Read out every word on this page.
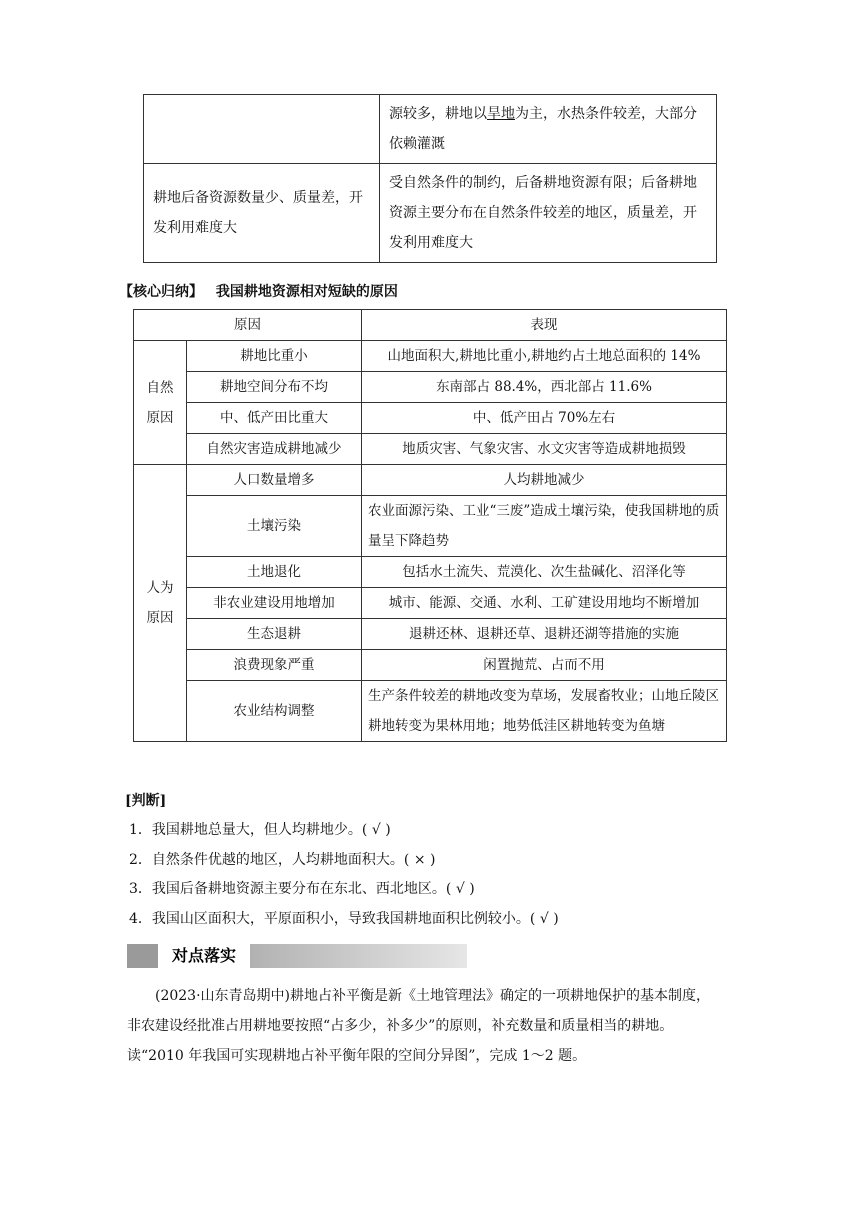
	源较多，耕地以旱地为主，水热条件较差，大部分依赖灌溉
耕地后备资源数量少、质量差，开发利用难度大	受自然条件的制约，后备耕地资源有限；后备耕地资源主要分布在自然条件较差的地区，质量差，开发利用难度大
【核心归纳】 我国耕地资源相对短缺的原因
原因		表现
自然原因	耕地比重小	山地面积大,耕地比重小,耕地约占土地总面积的 14%
	耕地空间分布不均	东南部占 88.4%，西北部占 11.6%
	中、低产田比重大	中、低产田占 70%左右
	自然灾害造成耕地减少	地质灾害、气象灾害、水文灾害等造成耕地损毁
人为原因	人口数量增多	人均耕地减少
	土壤污染	农业面源污染、工业“三废”造成土壤污染，使我国耕地的质量呈下降趋势
	土地退化	包括水土流失、荒漠化、次生盐碱化、沼泽化等
	非农业建设用地增加	城市、能源、交通、水利、工矿建设用地均不断增加
	生态退耕	退耕还林、退耕还草、退耕还湖等措施的实施
	浪费现象严重	闲置抛荒、占而不用
	农业结构调整	生产条件较差的耕地改变为草场，发展畜牧业；山地丘陵区耕地转变为果林用地；地势低洼区耕地转变为鱼塘
[判断]
1．我国耕地总量大，但人均耕地少。( √ )
2．自然条件优越的地区，人均耕地面积大。( × )
3．我国后备耕地资源主要分布在东北、西北地区。( √ )
4．我国山区面积大，平原面积小，导致我国耕地面积比例较小。( √ )
对点落实
(2023·山东青岛期中)耕地占补平衡是新《土地管理法》确定的一项耕地保护的基本制度，
非农建设经批准占用耕地要按照“占多少，补多少”的原则，补充数量和质量相当的耕地。
读“2010 年我国可实现耕地占补平衡年限的空间分异图”，完成 1～2 题。
